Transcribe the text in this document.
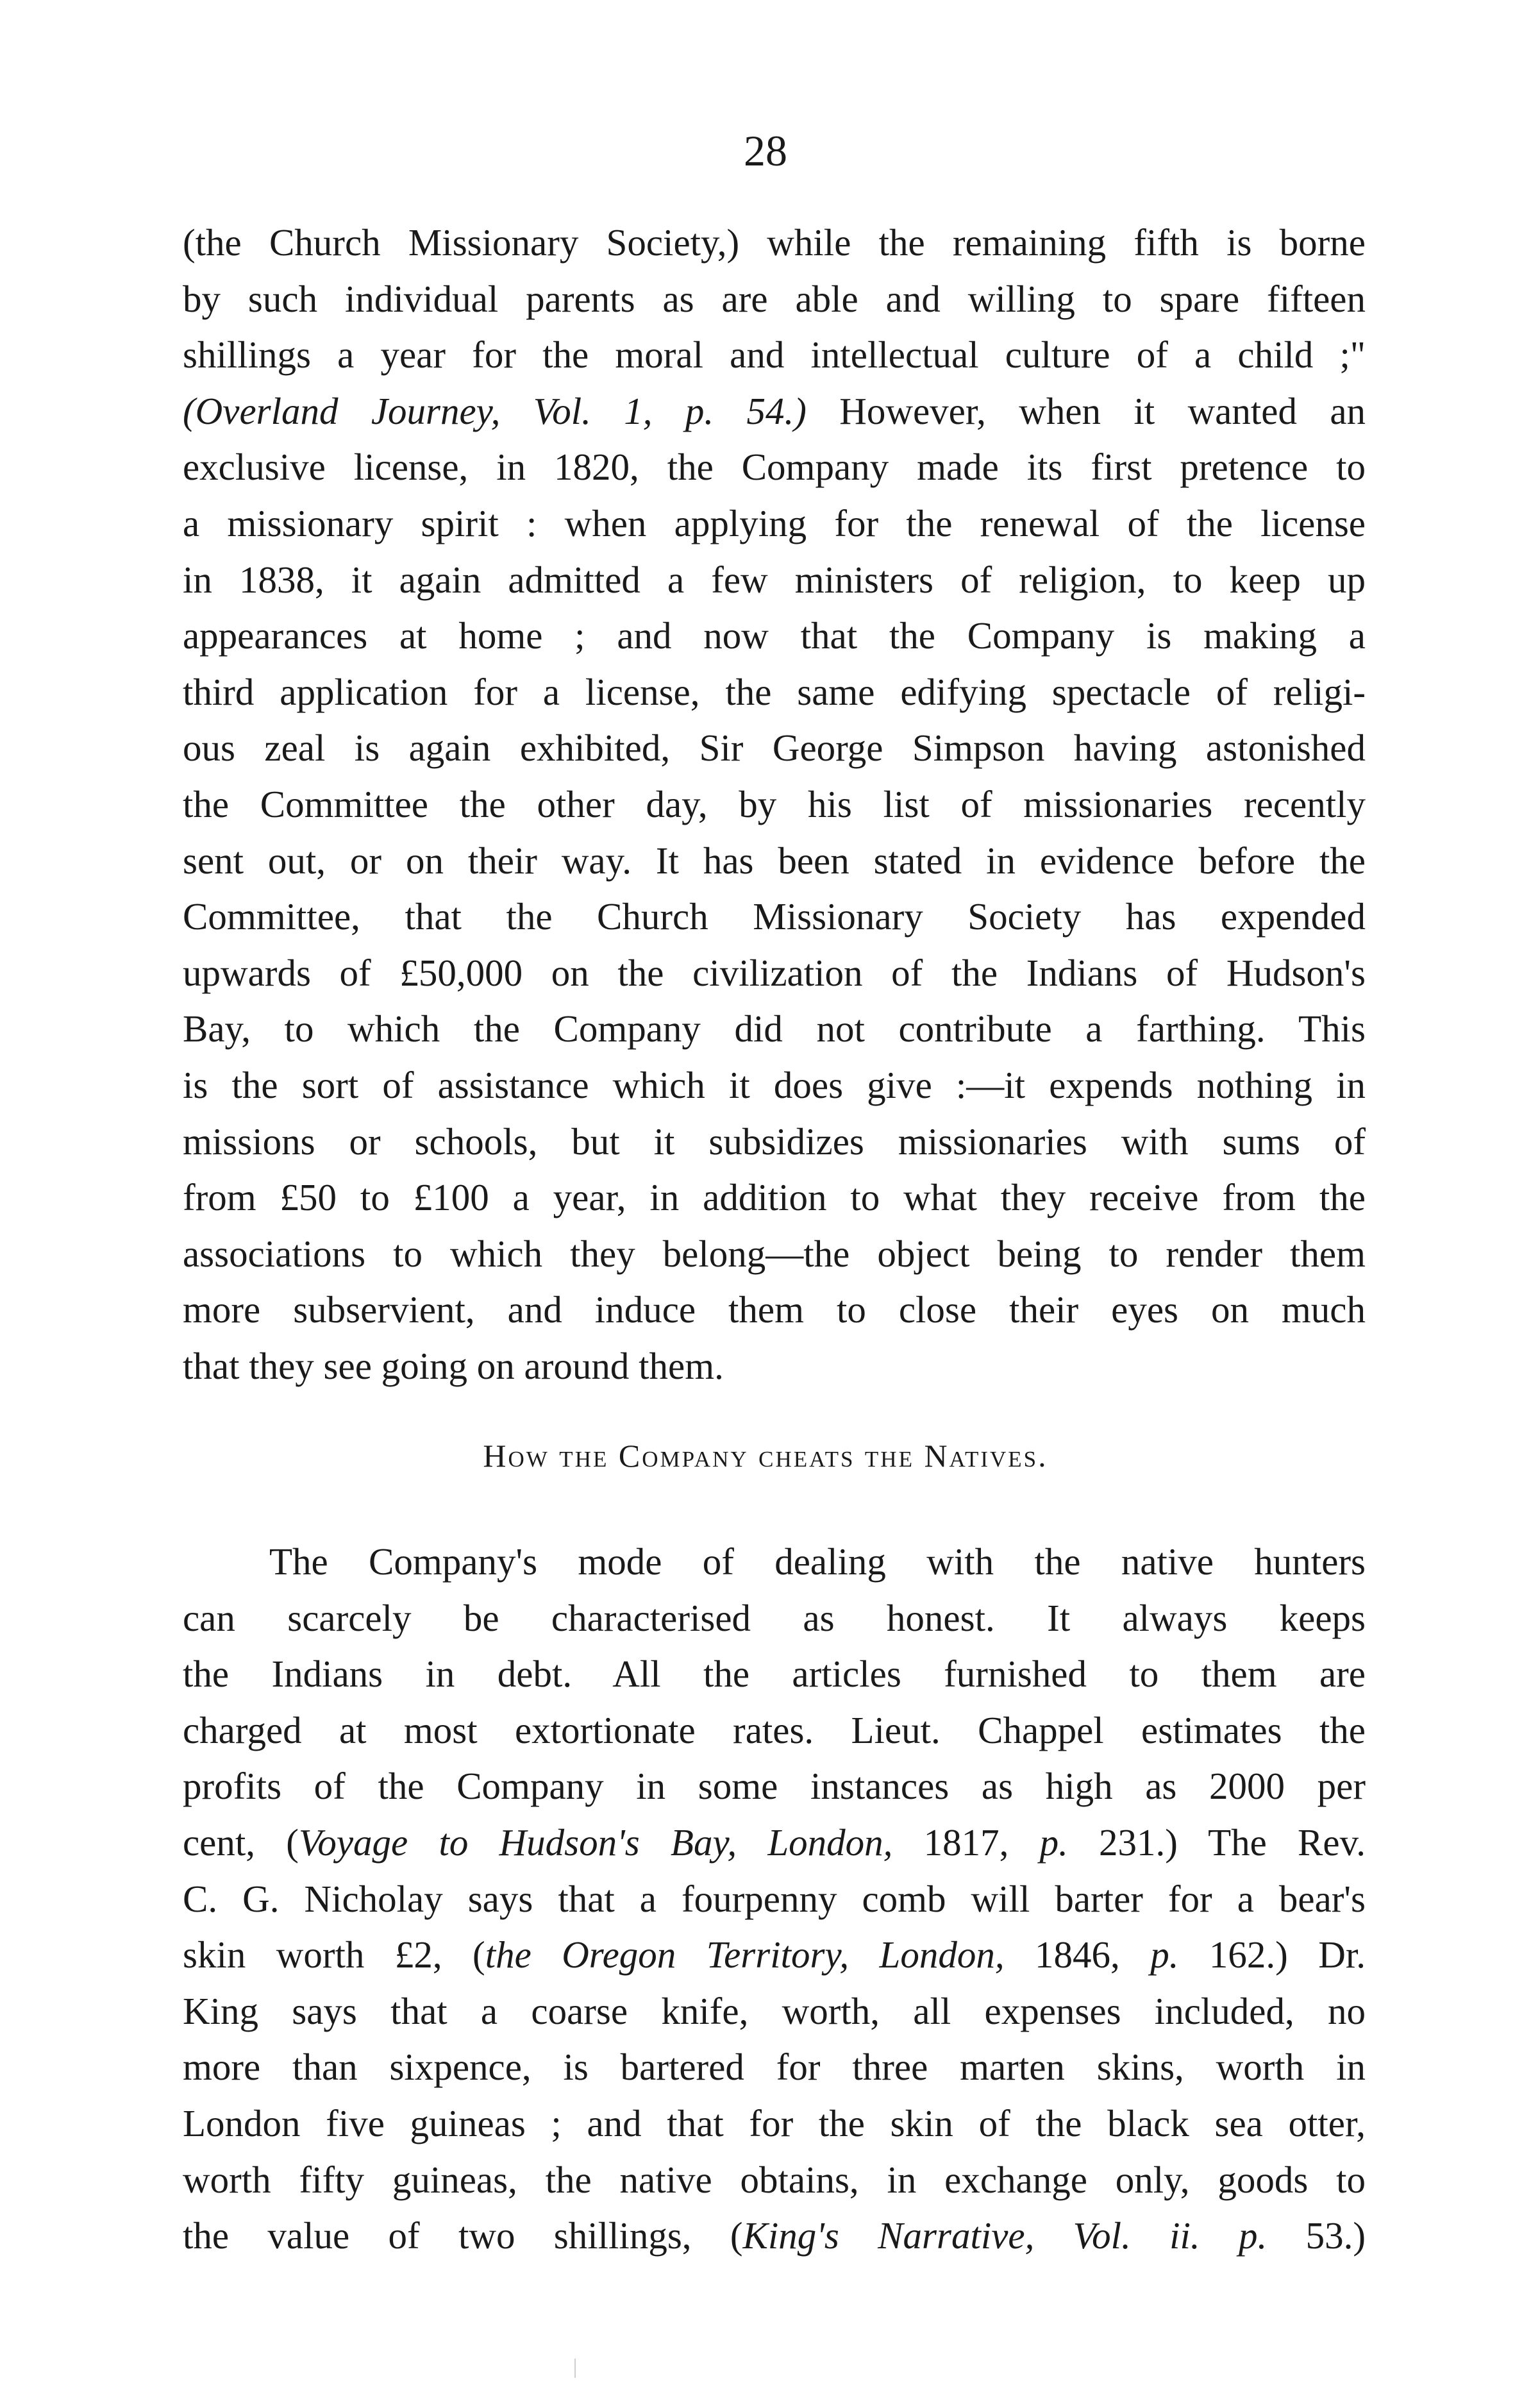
28
(the Church Missionary Society,) while the remaining fifth is borne
by such individual parents as are able and willing to spare fifteen
shillings a year for the moral and intellectual culture of a child ;"
(Overland Journey, Vol. 1, p. 54.) However, when it wanted an
exclusive license, in 1820, the Company made its first pretence to
a missionary spirit : when applying for the renewal of the license
in 1838, it again admitted a few ministers of religion, to keep up
appearances at home ; and now that the Company is making a
third application for a license, the same edifying spectacle of religi-
ous zeal is again exhibited, Sir George Simpson having astonished
the Committee the other day, by his list of missionaries recently
sent out, or on their way. It has been stated in evidence before the
Committee, that the Church Missionary Society has expended
upwards of £50,000 on the civilization of the Indians of Hudson's
Bay, to which the Company did not contribute a farthing. This
is the sort of assistance which it does give :—it expends nothing in
missions or schools, but it subsidizes missionaries with sums of
from £50 to £100 a year, in addition to what they receive from the
associations to which they belong—the object being to render them
more subservient, and induce them to close their eyes on much
that they see going on around them.
How the Company cheats the Natives.
The Company's mode of dealing with the native hunters
can scarcely be characterised as honest. It always keeps
the Indians in debt. All the articles furnished to them are
charged at most extortionate rates. Lieut. Chappel estimates the
profits of the Company in some instances as high as 2000 per
cent, (Voyage to Hudson's Bay, London, 1817, p. 231.) The Rev.
C. G. Nicholay says that a fourpenny comb will barter for a bear's
skin worth £2, (the Oregon Territory, London, 1846, p. 162.) Dr.
King says that a coarse knife, worth, all expenses included, no
more than sixpence, is bartered for three marten skins, worth in
London five guineas ; and that for the skin of the black sea otter,
worth fifty guineas, the native obtains, in exchange only, goods to
the value of two shillings, (King's Narrative, Vol. ii. p. 53.)
